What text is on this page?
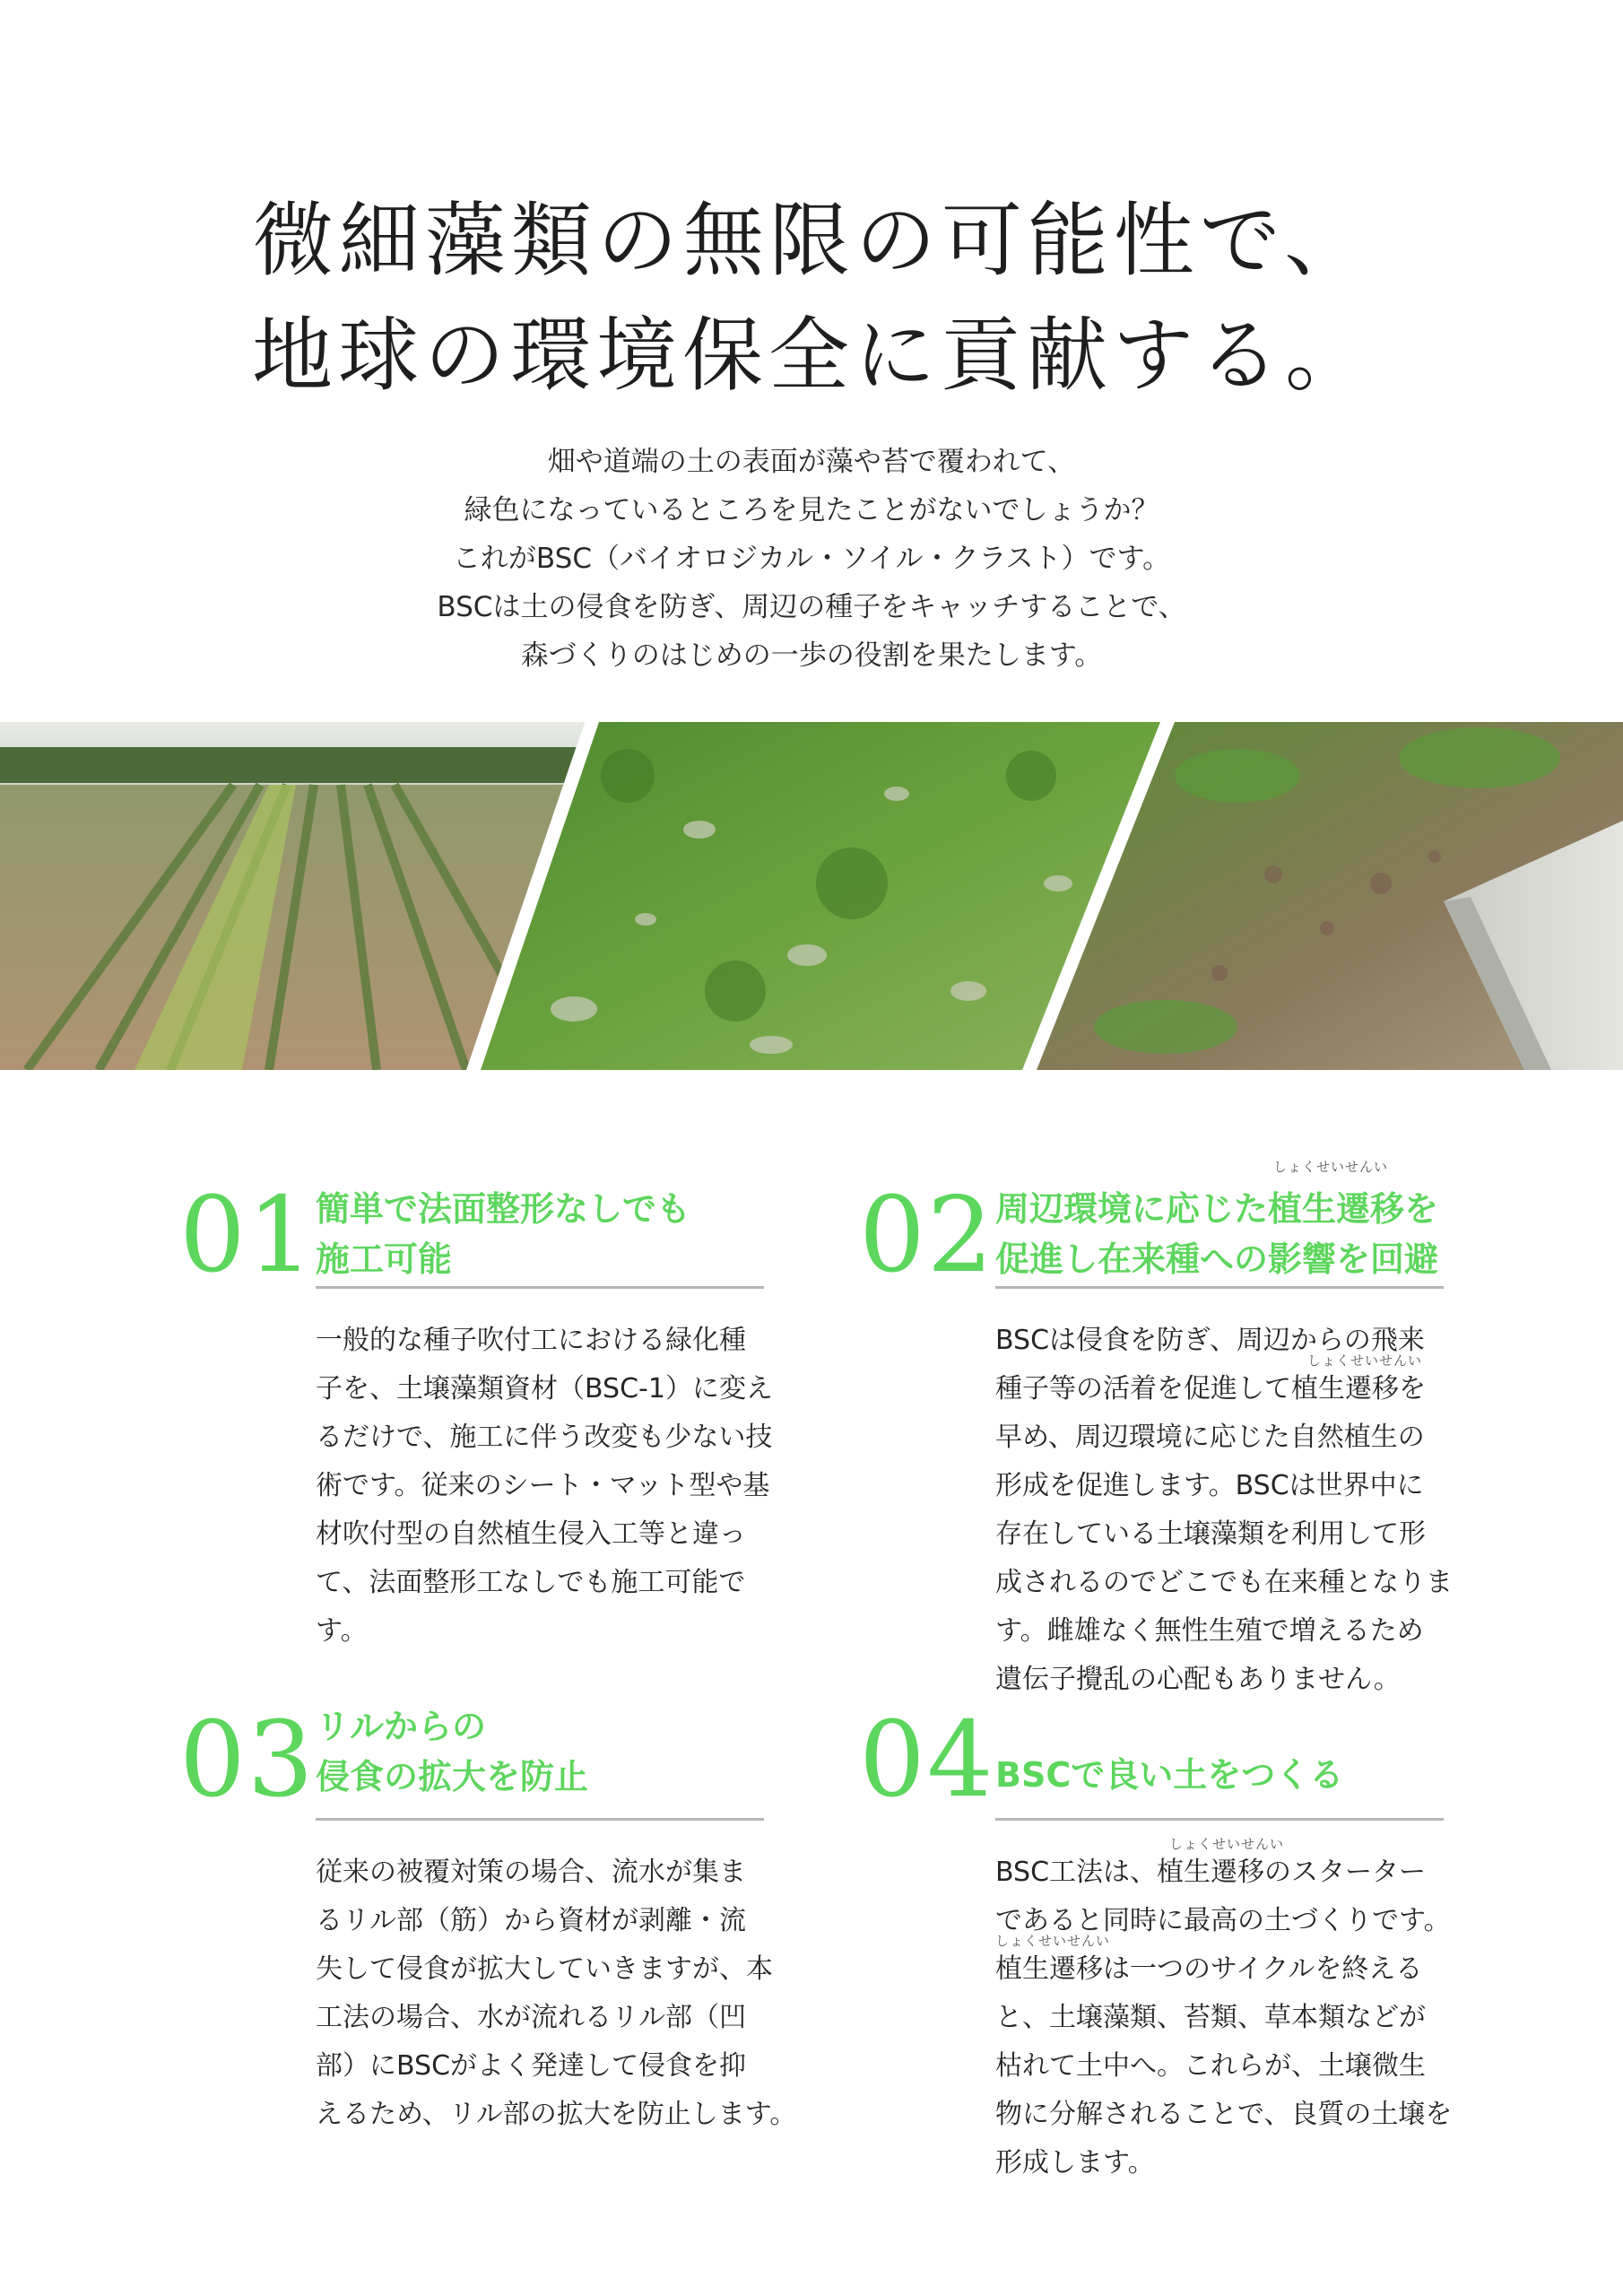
微細藻類の無限の可能性で、
地球の環境保全に貢献する。
畑や道端の土の表面が藻や苔で覆われて、
緑色になっているところを見たことがないでしょうか？
これがBSC（バイオロジカル・ソイル・クラスト）です。
BSCは土の侵食を防ぎ、周辺の種子をキャッチすることで、
森づくりのはじめの一歩の役割を果たします。
01 簡単で法面整形なしでも
施工可能
一般的な種子吹付工における緑化種
子を、土壌藻類資材（BSC-1）に変え
るだけで、施工に伴う改変も少ない技
術です。従来のシート・マット型や基
材吹付型の自然植生侵入工等と違っ
て、法面整形工なしでも施工可能で
す。
しょくせいせんい
02 周辺環境に応じた植生遷移を
促進し在来種への影響を回避
しょくせいせんい
BSCは侵食を防ぎ、周辺からの飛来
種子等の活着を促進して植生遷移を
早め、周辺環境に応じた自然植生の
形成を促進します。BSCは世界中に
存在している土壌藻類を利用して形
成されるのでどこでも在来種となりま
す。雌雄なく無性生殖で増えるため
遺伝子攪乱の心配もありません。
03 リルからの
侵食の拡大を防止
従来の被覆対策の場合、流水が集ま
るリル部（筋）から資材が剥離・流
失して侵食が拡大していきますが、本
工法の場合、水が流れるリル部（凹
部）にBSCがよく発達して侵食を抑
えるため、リル部の拡大を防止します。
04 BSCで良い土をつくる
しょくせいせんい
しょくせいせんい
BSC工法は、植生遷移のスターター
であると同時に最高の土づくりです。
植生遷移は一つのサイクルを終える
と、土壌藻類、苔類、草本類などが
枯れて土中へ。これらが、土壌微生
物に分解されることで、良質の土壌を
形成します。
